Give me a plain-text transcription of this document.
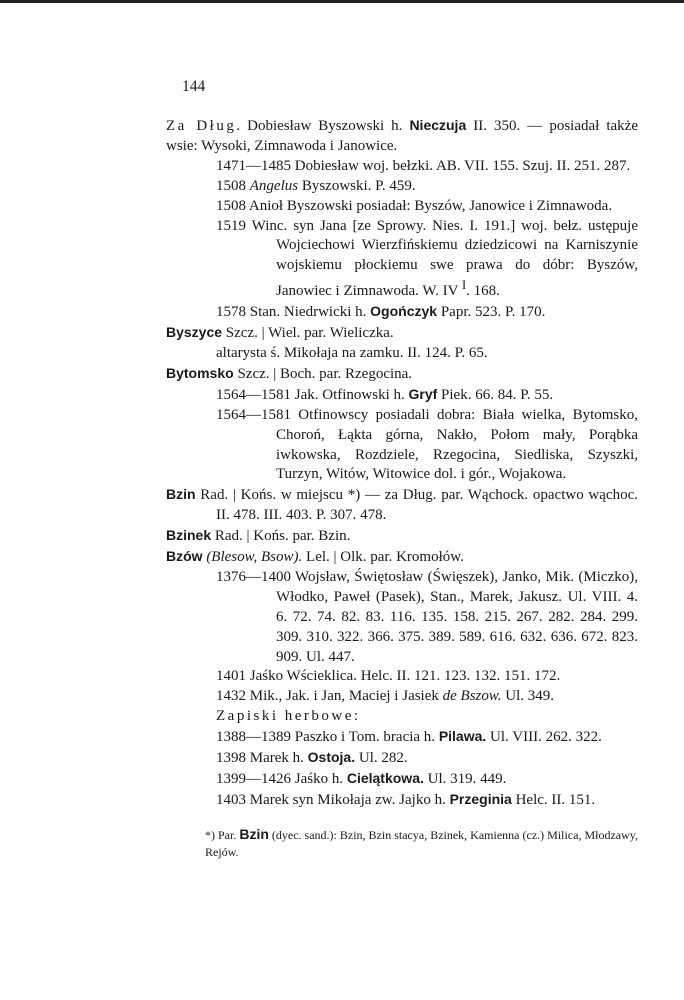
144

Za Dług. Dobiesław Byszowski h. Nieczuja II. 350. — posiadał także wsie: Wysoki, Zimnawoda i Janowice.

1471—1485 Dobiesław woj. bełzki. AB. VII. 155. Szuj. II. 251. 287.

1508 Angelus Byszowski. P. 459.

1508 Anioł Byszowski posiadał: Byszów, Janowice i Zimnawoda.

1519 Winc. syn Jana [ze Sprowy. Nies. I. 191.] woj. bełz. ustępuje Wojciechowi Wierzfińskiemu dziedzicowi na Karniszynie wojskiemu płockiemu swe prawa do dóbr: Byszów, Janowiec i Zimnawoda. W. IV $^I$. 168.

1578 Stan. Niedrwicki h. Ogończyk Papr. 523. P. 170.

Byszyce Szcz. | Wiel. par. Wieliczka.

altarysta ś. Mikołaja na zamku. II. 124. P. 65.

Bytomsko Szcz. | Boch. par. Rzegocina.

1564—1581 Jak. Otfinowski h. Gryf Piek. 66. 84. P. 55.

1564—1581 Otfinowscy posiadali dobra: Biała wielka, Bytomsko, Choroń, Łąkta górna, Nakło, Połom mały, Porąbka iwkowska, Rozdziele, Rzegocina, Siedliska, Szyszki, Turzyn, Witów, Witowice dol. i gór., Wojakowa.

Bzin Rad. | Końs. w miejscu *) — za Dług. par. Wąchock. opactwo wąchoc. II. 478. III. 403. P. 307. 478.

Bzinek Rad. | Końs. par. Bzin.

Bzów (Blesow, Bsow). Lel. | Olk. par. Kromołów.

1376—1400 Wojsław, Świętosław (Święszek), Janko, Mik. (Miczko), Włodko, Paweł (Pasek), Stan., Marek, Jakusz. Ul. VIII. 4. 6. 72. 74. 82. 83. 116. 135. 158. 215. 267. 282. 284. 299. 309. 310. 322. 366. 375. 389. 589. 616. 632. 636. 672. 823. 909. Ul. 447.

1401 Jaśko Wścieklica. Helc. II. 121. 123. 132. 151. 172.

1432 Mik., Jak. i Jan, Maciej i Jasiek de Bszow. Ul. 349.

Zapiski herbowe:

1388—1389 Paszko i Tom. bracia h. Pilawa. Ul. VIII. 262. 322.

1398 Marek h. Ostoja. Ul. 282.

1399—1426 Jaśko h. Cielątkowa. Ul. 319. 449.

1403 Marek syn Mikołaja zw. Jajko h. Przeginia Helc. II. 151.

*) Par. Bzin (dyec. sand.): Bzin, Bzin stacya, Bzinek, Kamienna (cz.) Milica, Młodzawy, Rejów.
